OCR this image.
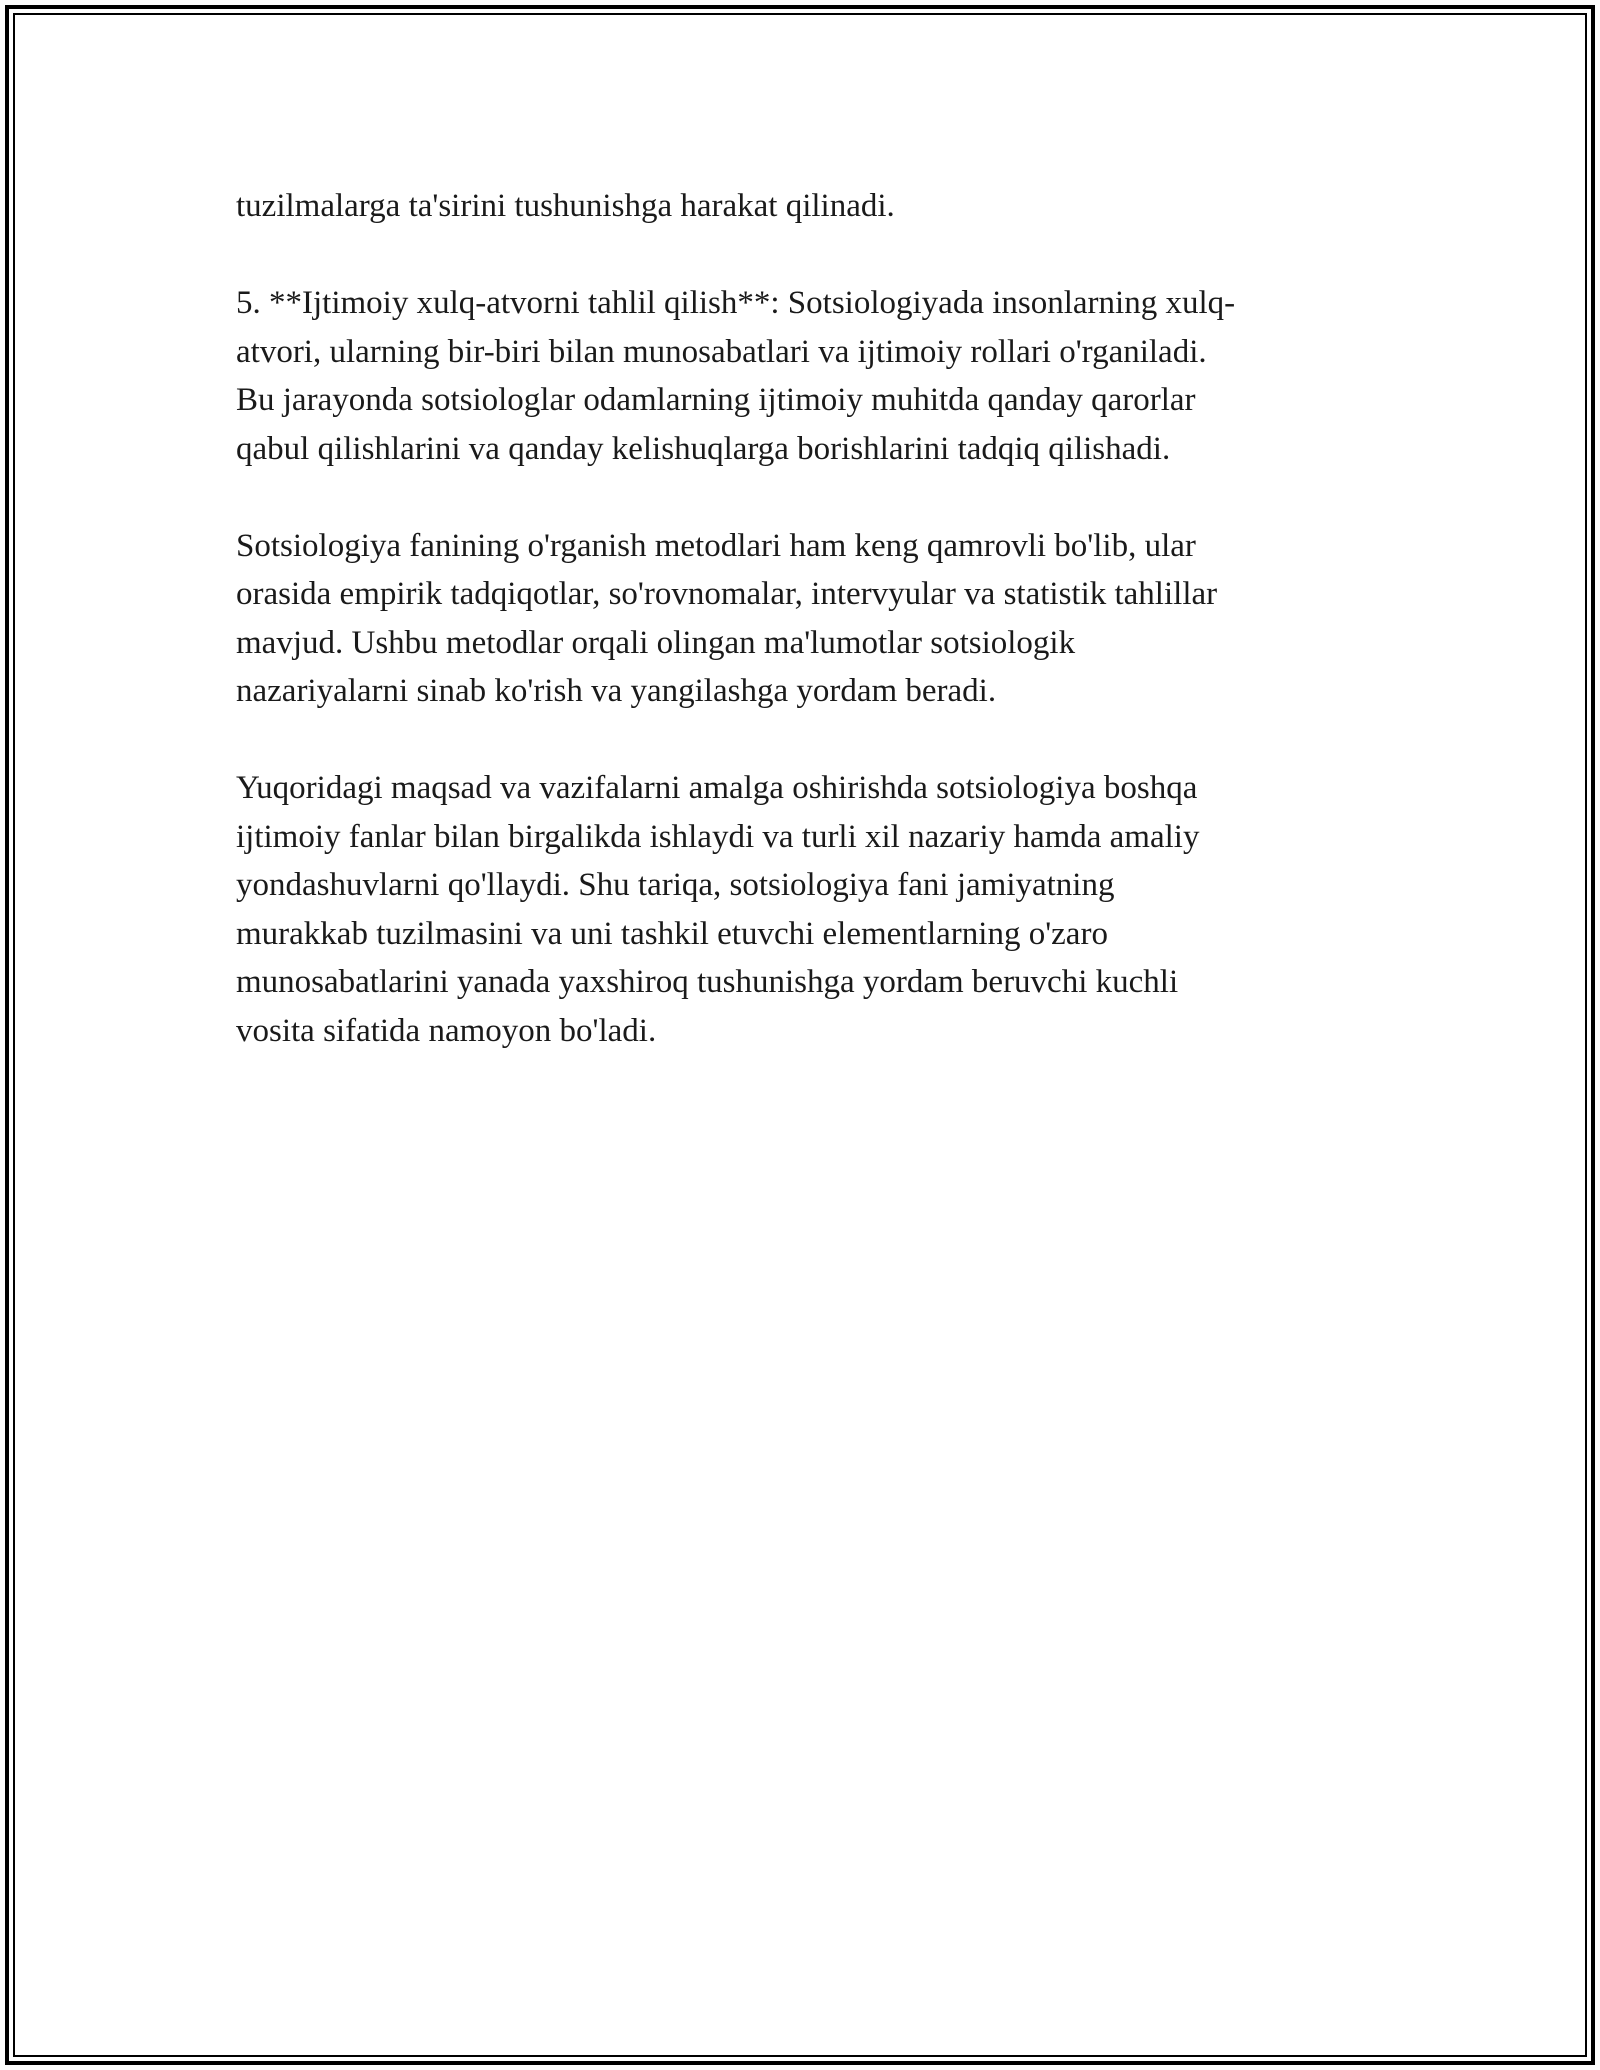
tuzilmalarga ta'sirini tushunishga harakat qilinadi.

5. **Ijtimoiy xulq-atvorni tahlil qilish**: Sotsiologiyada insonlarning xulq-
atvori, ularning bir-biri bilan munosabatlari va ijtimoiy rollari o'rganiladi.
Bu jarayonda sotsiologlar odamlarning ijtimoiy muhitda qanday qarorlar
qabul qilishlarini va qanday kelishuqlarga borishlarini tadqiq qilishadi.

Sotsiologiya fanining o'rganish metodlari ham keng qamrovli bo'lib, ular
orasida empirik tadqiqotlar, so'rovnomalar, intervyular va statistik tahlillar
mavjud. Ushbu metodlar orqali olingan ma'lumotlar sotsiologik
nazariyalarni sinab ko'rish va yangilashga yordam beradi.

Yuqoridagi maqsad va vazifalarni amalga oshirishda sotsiologiya boshqa
ijtimoiy fanlar bilan birgalikda ishlaydi va turli xil nazariy hamda amaliy
yondashuvlarni qo'llaydi. Shu tariqa, sotsiologiya fani jamiyatning
murakkab tuzilmasini va uni tashkil etuvchi elementlarning o'zaro
munosabatlarini yanada yaxshiroq tushunishga yordam beruvchi kuchli
vosita sifatida namoyon bo'ladi.
